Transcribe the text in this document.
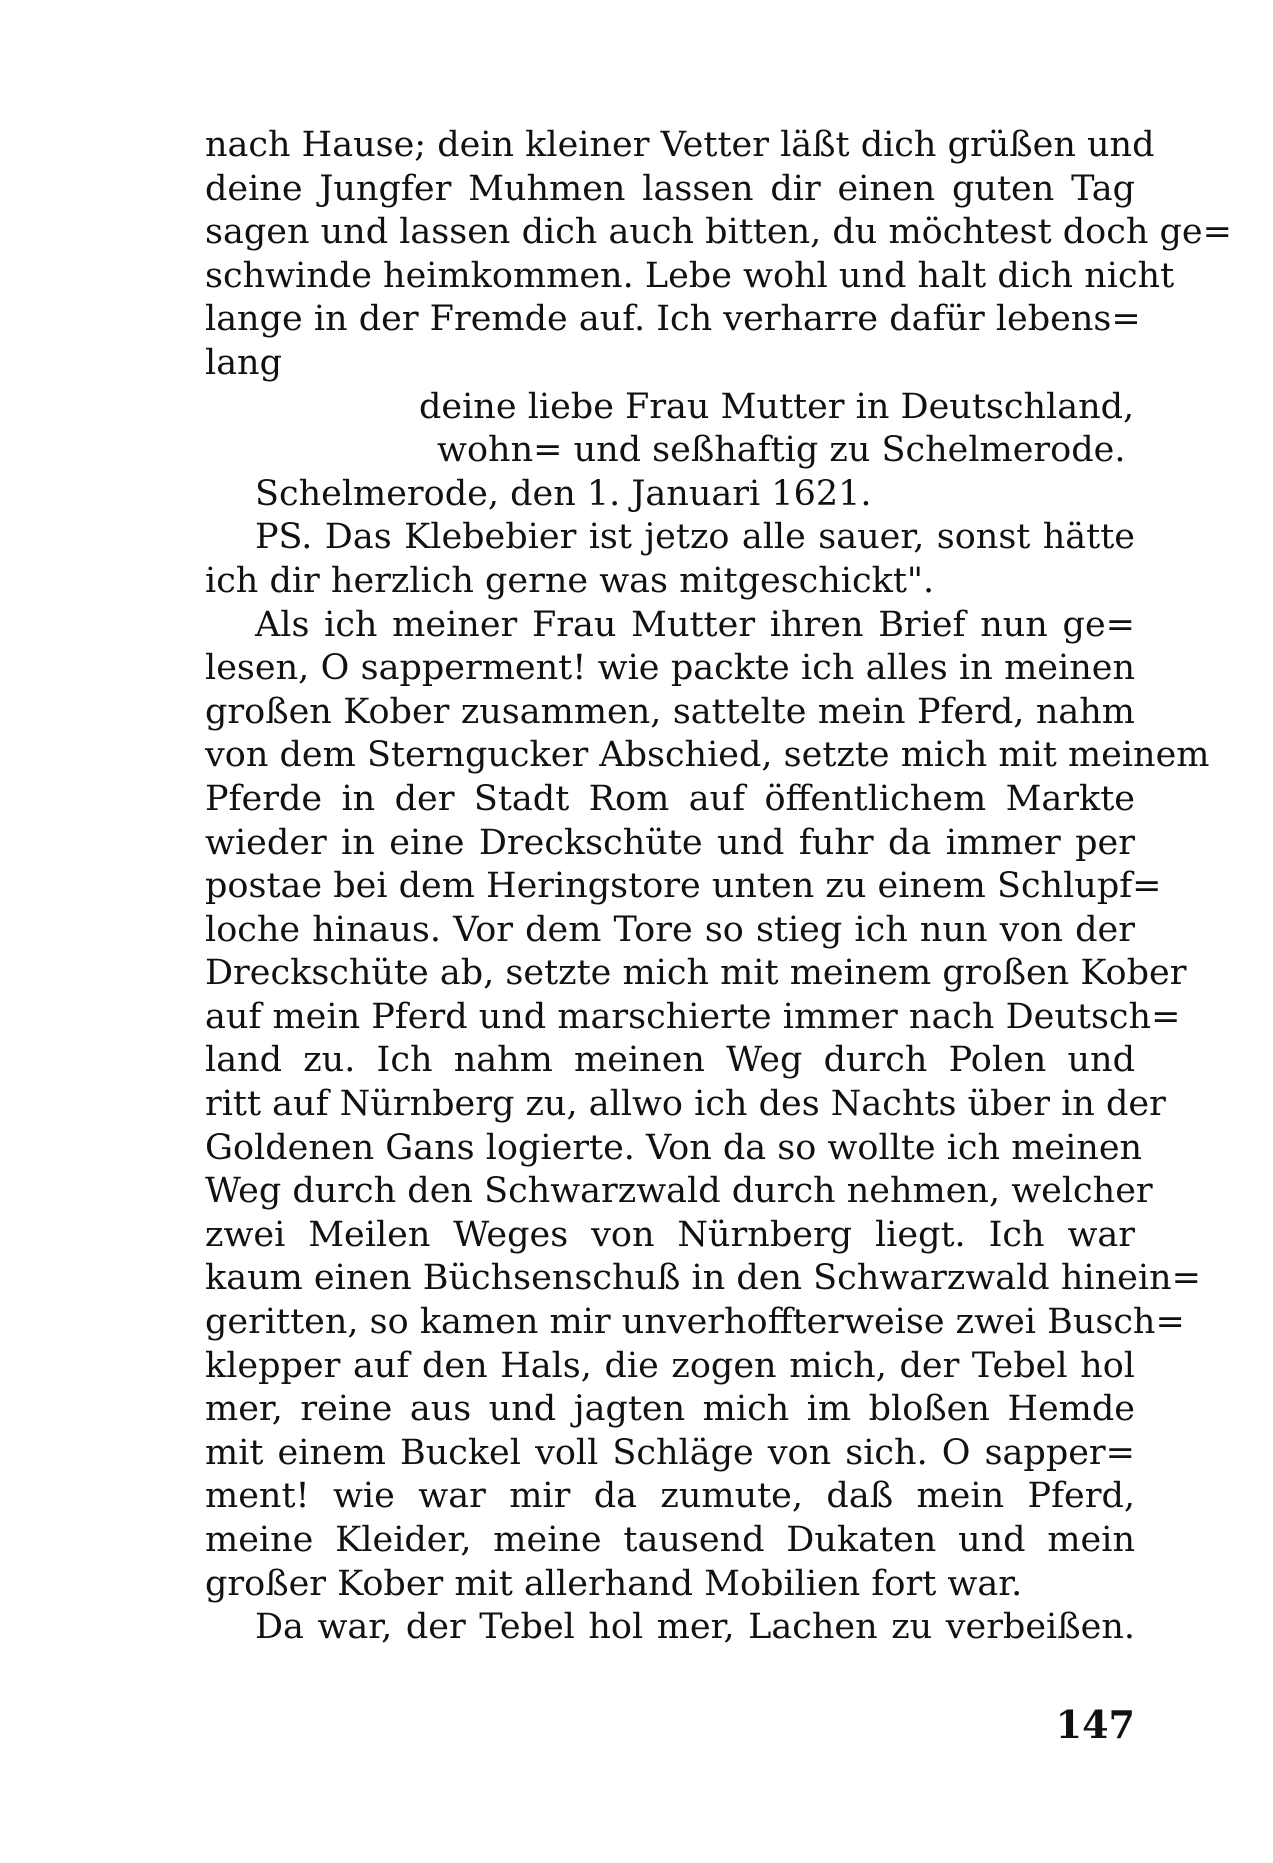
nach Hause; dein kleiner Vetter läßt dich grüßen und
deine Jungfer Muhmen lassen dir einen guten Tag
sagen und lassen dich auch bitten, du möchtest doch ge=
schwinde heimkommen. Lebe wohl und halt dich nicht
lange in der Fremde auf. Ich verharre dafür lebens=
lang
deine liebe Frau Mutter in Deutschland,
wohn= und seßhaftig zu Schelmerode.
Schelmerode, den 1. Januari 1621.
PS. Das Klebebier ist jetzo alle sauer, sonst hätte
ich dir herzlich gerne was mitgeschickt".
Als ich meiner Frau Mutter ihren Brief nun ge=
lesen, O sapperment! wie packte ich alles in meinen
großen Kober zusammen, sattelte mein Pferd, nahm
von dem Sterngucker Abschied, setzte mich mit meinem
Pferde in der Stadt Rom auf öffentlichem Markte
wieder in eine Dreckschüte und fuhr da immer per
postae bei dem Heringstore unten zu einem Schlupf=
loche hinaus. Vor dem Tore so stieg ich nun von der
Dreckschüte ab, setzte mich mit meinem großen Kober
auf mein Pferd und marschierte immer nach Deutsch=
land zu. Ich nahm meinen Weg durch Polen und
ritt auf Nürnberg zu, allwo ich des Nachts über in der
Goldenen Gans logierte. Von da so wollte ich meinen
Weg durch den Schwarzwald durch nehmen, welcher
zwei Meilen Weges von Nürnberg liegt. Ich war
kaum einen Büchsenschuß in den Schwarzwald hinein=
geritten, so kamen mir unverhoffterweise zwei Busch=
klepper auf den Hals, die zogen mich, der Tebel hol
mer, reine aus und jagten mich im bloßen Hemde
mit einem Buckel voll Schläge von sich. O sapper=
ment! wie war mir da zumute, daß mein Pferd,
meine Kleider, meine tausend Dukaten und mein
großer Kober mit allerhand Mobilien fort war.
Da war, der Tebel hol mer, Lachen zu verbeißen.
147
